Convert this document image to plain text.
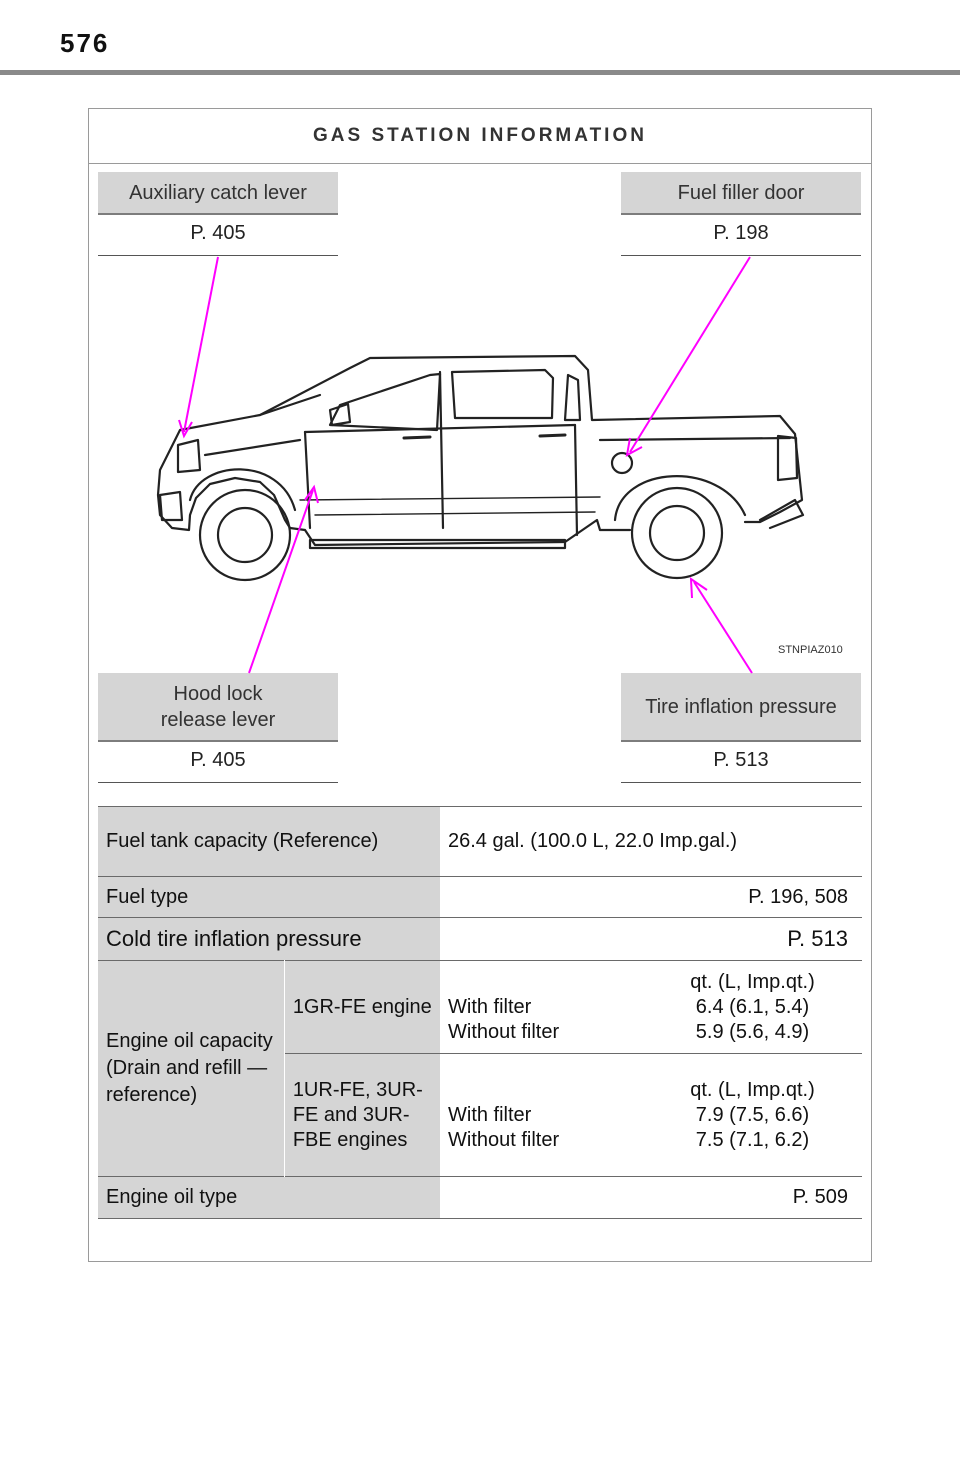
576
GAS STATION INFORMATION
Auxiliary catch lever
P. 405
Fuel filler door
P. 198
Hood lock release lever
P. 405
Tire inflation pressure
P. 513
STNPIAZ010
Fuel tank capacity (Reference)		26.4 gal. (100.0 L, 22.0 Imp.gal.)
Fuel type		P. 196, 508
Cold tire inflation pressure		P. 513
Engine oil capacity (Drain and refill — reference)	1GR-FE engine	qt. (L, Imp.qt.)
With filter 6.4 (6.1, 5.4)
Without filter 5.9 (5.6, 4.9)

	1UR-FE, 3UR-FE and 3UR-FBE engines	qt. (L, Imp.qt.)
With filter 7.9 (7.5, 6.6)
Without filter 7.5 (7.1, 6.2)

Engine oil type		P. 509
